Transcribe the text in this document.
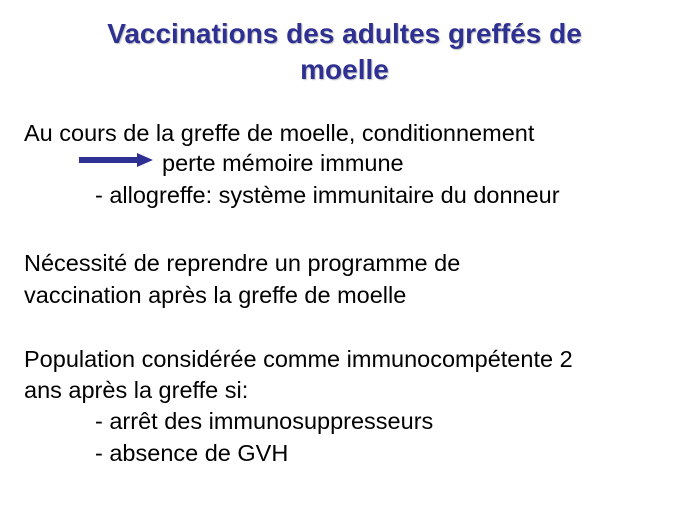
Vaccinations des adultes greffés de
moelle
Au cours de la greffe de moelle, conditionnement
perte mémoire immune
- allogreffe: système immunitaire du donneur
Nécessité de reprendre un programme de
vaccination après la greffe de moelle
Population considérée comme immunocompétente 2
ans après la greffe si:
- arrêt des immunosuppresseurs
- absence de GVH
